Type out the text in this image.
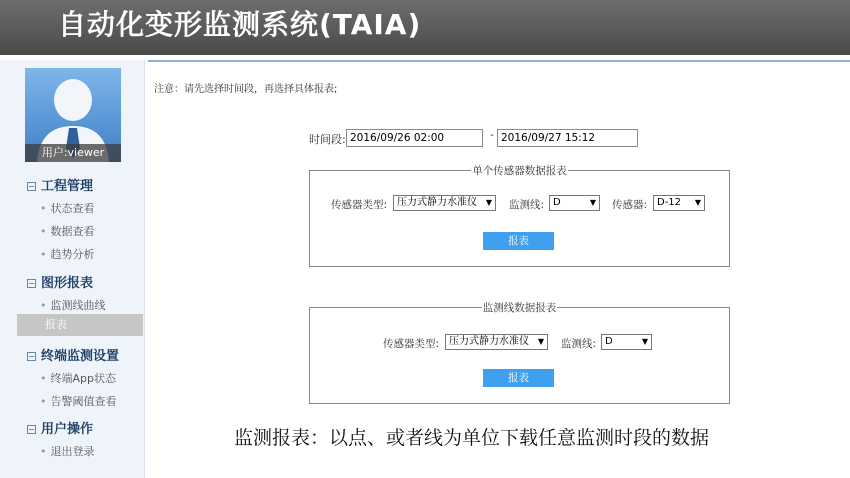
自动化变形监测系统(TAIA)
用户:viewer
− 工程管理
• 状态查看
• 数据查看
• 趋势分析
− 图形报表
• 监测线曲线
报表
− 终端监测设置
• 终端App状态
• 告警阈值查看
− 用户操作
• 退出登录
注意：请先选择时间段，再选择具体报表;
时间段: 2016/09/26 02:00	- 2016/09/27 15:12
单个传感器数据报表
传感器类型: 压力式静力水准仪 ▼ 监测线: D	▼ 传感器: D-12 ▼
报表
监测线数据报表
传感器类型: 压力式静力水准仪 ▼ 监测线: D	▼
报表
监测报表：以点、或者线为单位下载任意监测时段的数据
